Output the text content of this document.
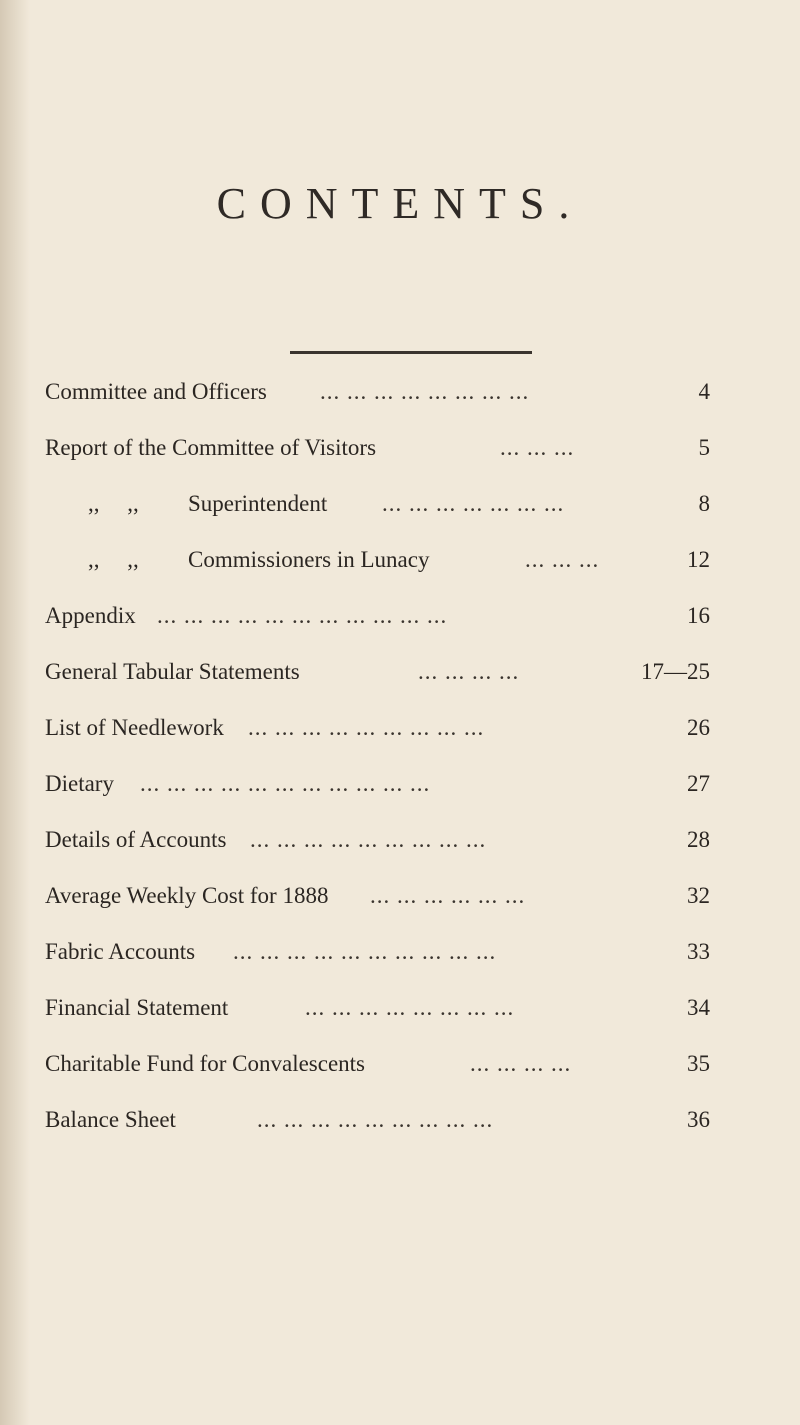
CONTENTS.
Committee and Officers ... ... ... ... ... ... ... ...	4
Report of the Committee of Visitors	... ... ...	5
,, ,, Superintendent ... ... ... ... ... ... ...	8
,, ,, Commissioners in Lunacy	... ... ...	12
Appendix ... ... ... ... ... ... ... ... ... ... ...	16
General Tabular Statements	... ... ... ...	17—25
List of Needlework ... ... ... ... ... ... ... ... ...	26
Dietary ... ... ... ... ... ... ... ... ... ... ...	27
Details of Accounts ... ... ... ... ... ... ... ... ...	28
Average Weekly Cost for 1888 ... ... ... ... ... ...	32
Fabric Accounts ... ... ... ... ... ... ... ... ... ...	33
Financial Statement	... ... ... ... ... ... ... ...	34
Charitable Fund for Convalescents	... ... ... ...	35
Balance Sheet	... ... ... ... ... ... ... ... ...	36
